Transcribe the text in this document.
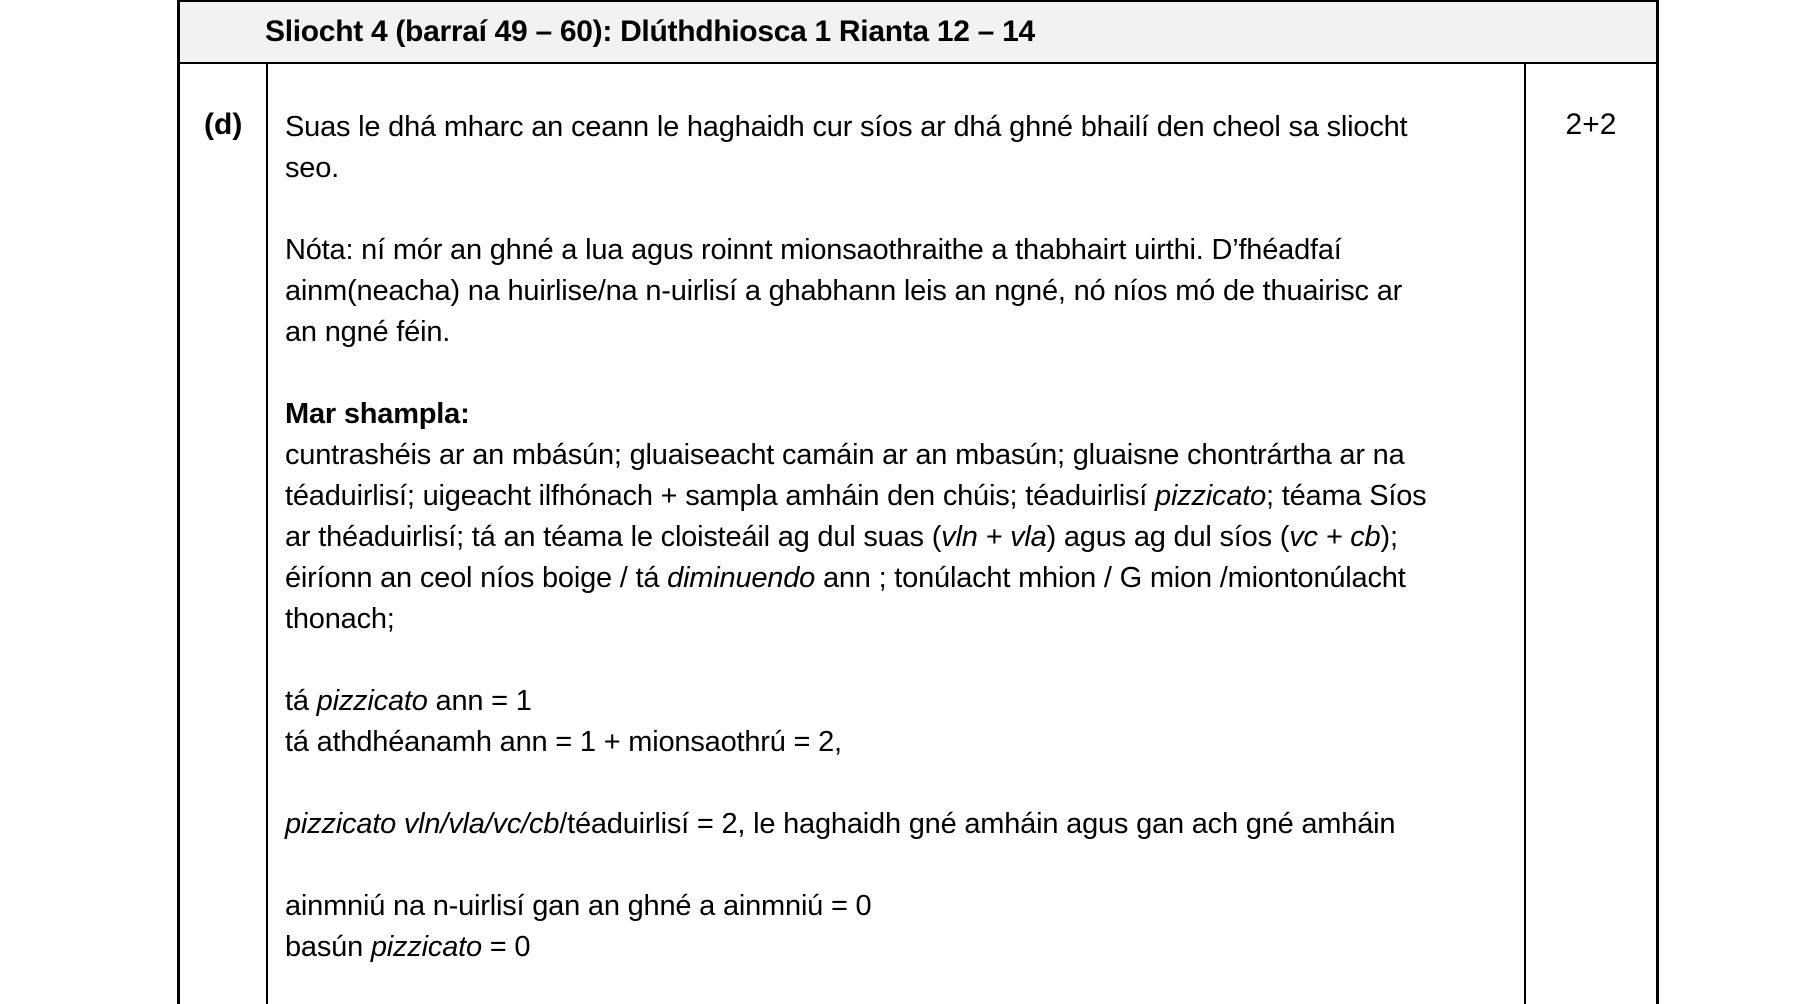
Sliocht 4 (barraí 49 – 60): Dlúthdhiosca 1 Rianta 12 – 14
(d) Suas le dhá mharc an ceann le haghaidh cur síos ar dhá ghné bhailí den cheol sa sliocht

seo.

Nóta: ní mór an ghné a lua agus roinnt mionsaothraithe a thabhairt uirthi. D’fhéadfaí

ainm(neacha) na huirlise/na n-uirlisí a ghabhann leis an ngné, nó níos mó de thuairisc ar

an ngné féin.

Mar shampla:

cuntrashéis ar an mbásún; gluaiseacht camáin ar an mbasún; gluaisne chontrártha ar na

téaduirlisí; uigeacht ilfhónach + sampla amháin den chúis; téaduirlisí pizzicato; téama Síos

ar théaduirlisí; tá an téama le cloisteáil ag dul suas (vln + vla) agus ag dul síos (vc + cb);

éiríonn an ceol níos boige / tá diminuendo ann ; tonúlacht mhion / G mion /miontonúlacht

thonach;

tá pizzicato ann = 1

tá athdhéanamh ann = 1 + mionsaothrú = 2,

pizzicato vln/vla/vc/cb/téaduirlisí = 2, le haghaidh gné amháin agus gan ach gné amháin

ainmniú na n-uirlisí gan an ghné a ainmniú = 0

basún pizzicato = 0

2+2
